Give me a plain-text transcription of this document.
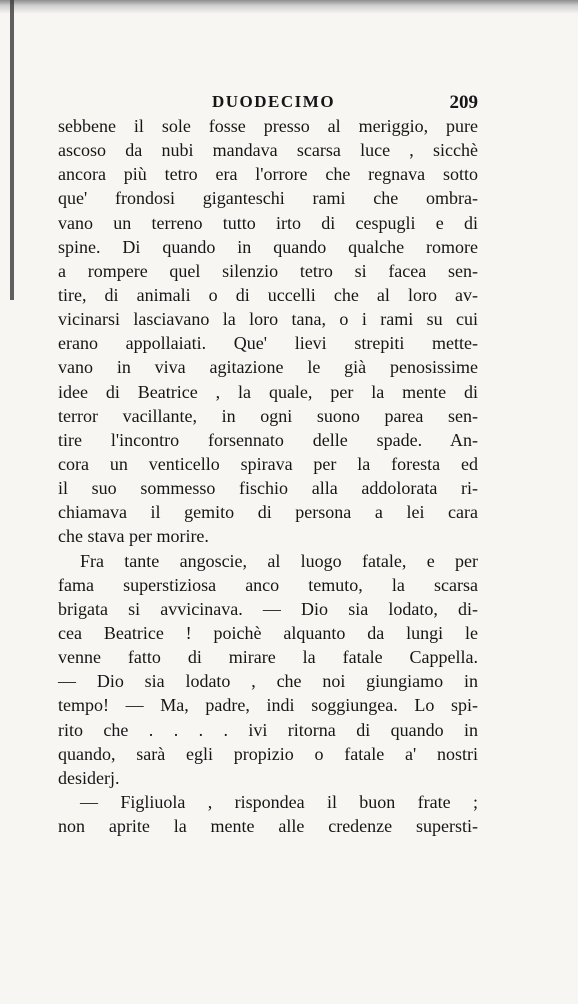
DUODECIMO	209
sebbene il sole fosse presso al meriggio, pure
ascoso da nubi mandava scarsa luce , sicchè
ancora più tetro era l'orrore che regnava sotto
que' frondosi giganteschi rami che ombra-
vano un terreno tutto irto di cespugli e di
spine. Di quando in quando qualche romore
a rompere quel silenzio tetro si facea sen-
tire, di animali o di uccelli che al loro av-
vicinarsi lasciavano la loro tana, o i rami su cui
erano appollaiati. Que' lievi strepiti mette-
vano in viva agitazione le già penosissime
idee di Beatrice , la quale, per la mente di
terror vacillante, in ogni suono parea sen-
tire l'incontro forsennato delle spade. An-
cora un venticello spirava per la foresta ed
il suo sommesso fischio alla addolorata ri-
chiamava il gemito di persona a lei cara
che stava per morire.
Fra tante angoscie, al luogo fatale, e per
fama superstiziosa anco temuto, la scarsa
brigata si avvicinava. — Dio sia lodato, di-
cea Beatrice ! poichè alquanto da lungi le
venne fatto di mirare la fatale Cappella.
— Dio sia lodato , che noi giungiamo in
tempo! — Ma, padre, indi soggiungea. Lo spi-
rito che . . . . ivi ritorna di quando in
quando, sarà egli propizio o fatale a' nostri
desiderj.
— Figliuola , rispondea il buon frate ;
non aprite la mente alle credenze supersti-
